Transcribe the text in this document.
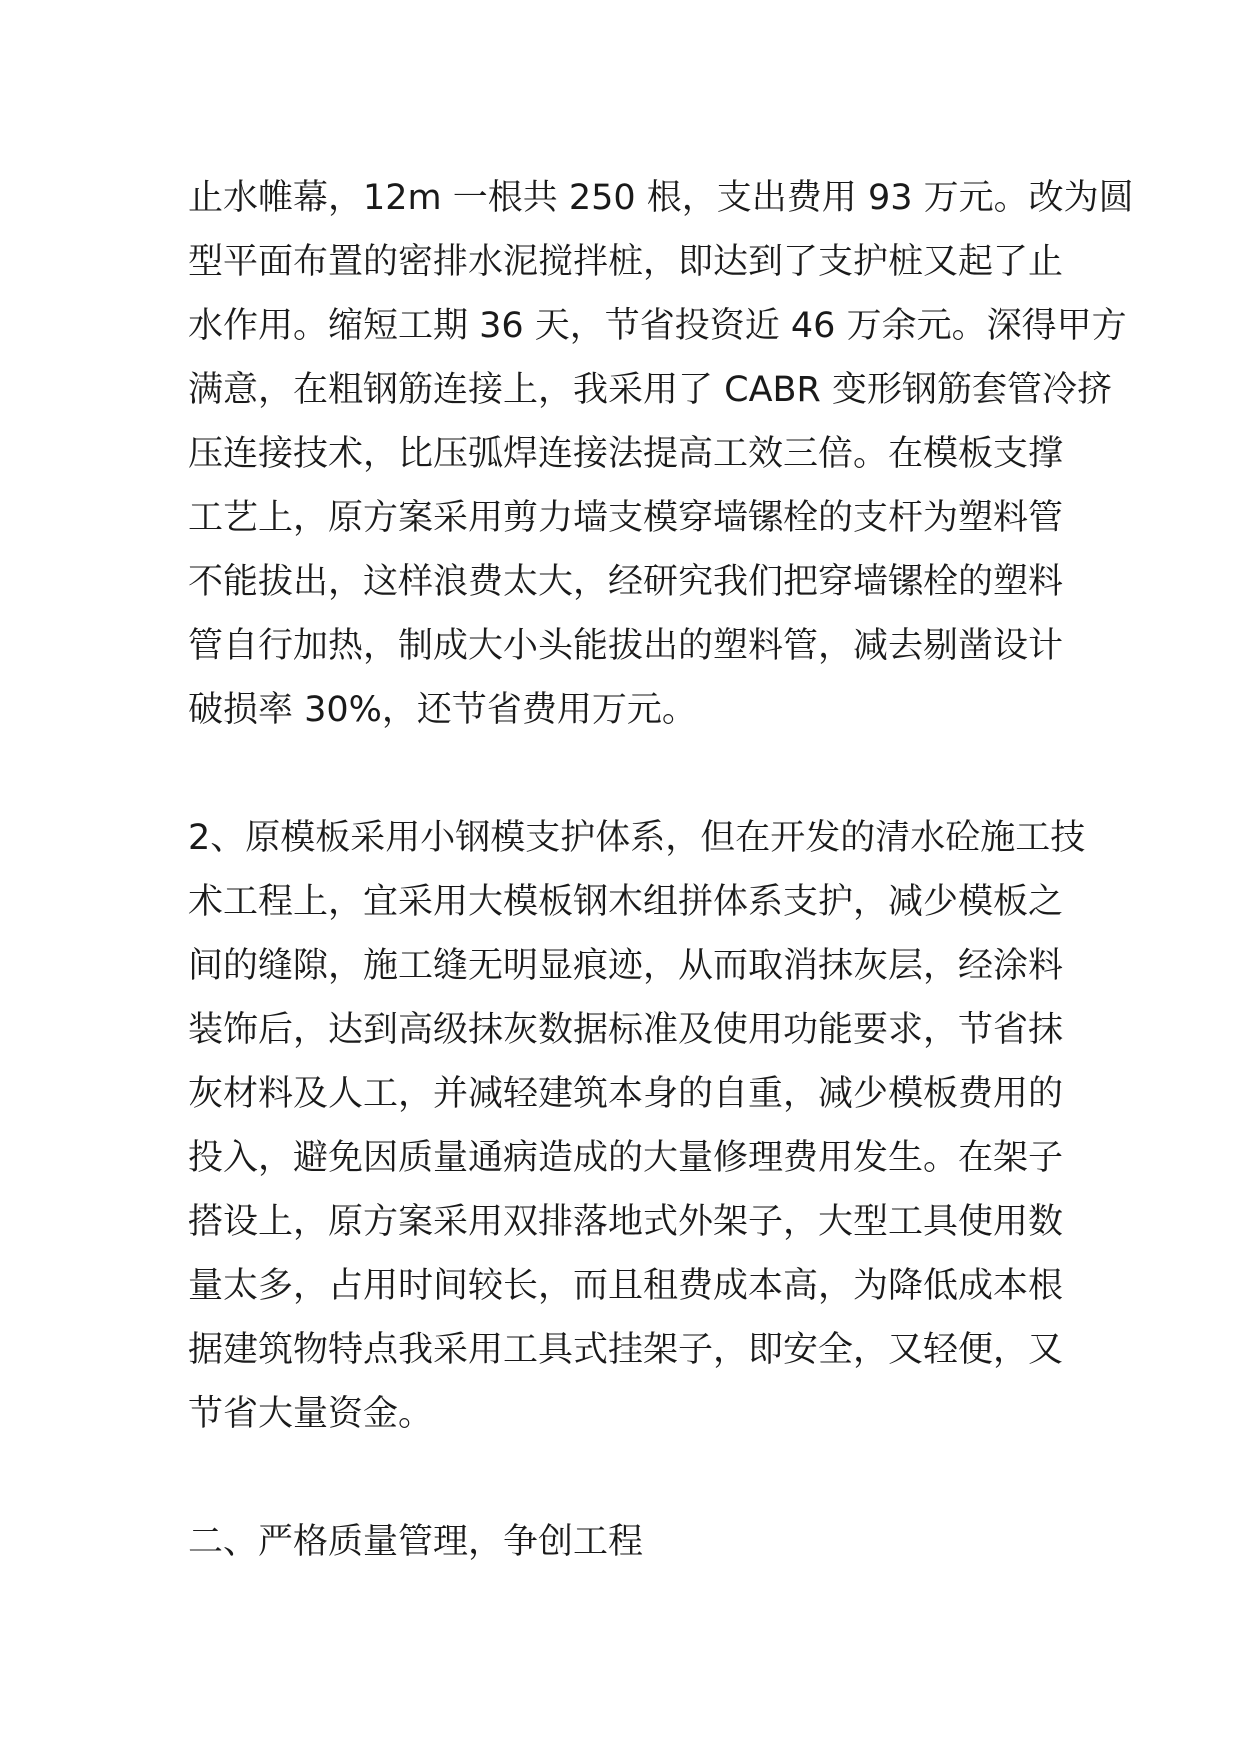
止水帷幕，12m 一根共 250 根，支出费用 93 万元。改为圆
型平面布置的密排水泥搅拌桩，即达到了支护桩又起了止
水作用。缩短工期 36 天，节省投资近 46 万余元。深得甲方
满意，在粗钢筋连接上，我采用了 CABR 变形钢筋套管冷挤
压连接技术，比压弧焊连接法提高工效三倍。在模板支撑
工艺上，原方案采用剪力墙支模穿墙镙栓的支杆为塑料管
不能拔出，这样浪费太大，经研究我们把穿墙镙栓的塑料
管自行加热，制成大小头能拔出的塑料管，减去剔凿设计
破损率 30%，还节省费用万元。
2、原模板采用小钢模支护体系，但在开发的清水砼施工技
术工程上，宜采用大模板钢木组拼体系支护，减少模板之
间的缝隙，施工缝无明显痕迹，从而取消抹灰层，经涂料
装饰后，达到高级抹灰数据标准及使用功能要求，节省抹
灰材料及人工，并减轻建筑本身的自重，减少模板费用的
投入，避免因质量通病造成的大量修理费用发生。在架子
搭设上，原方案采用双排落地式外架子，大型工具使用数
量太多，占用时间较长，而且租费成本高，为降低成本根
据建筑物特点我采用工具式挂架子，即安全，又轻便，又
节省大量资金。
二、严格质量管理，争创工程
